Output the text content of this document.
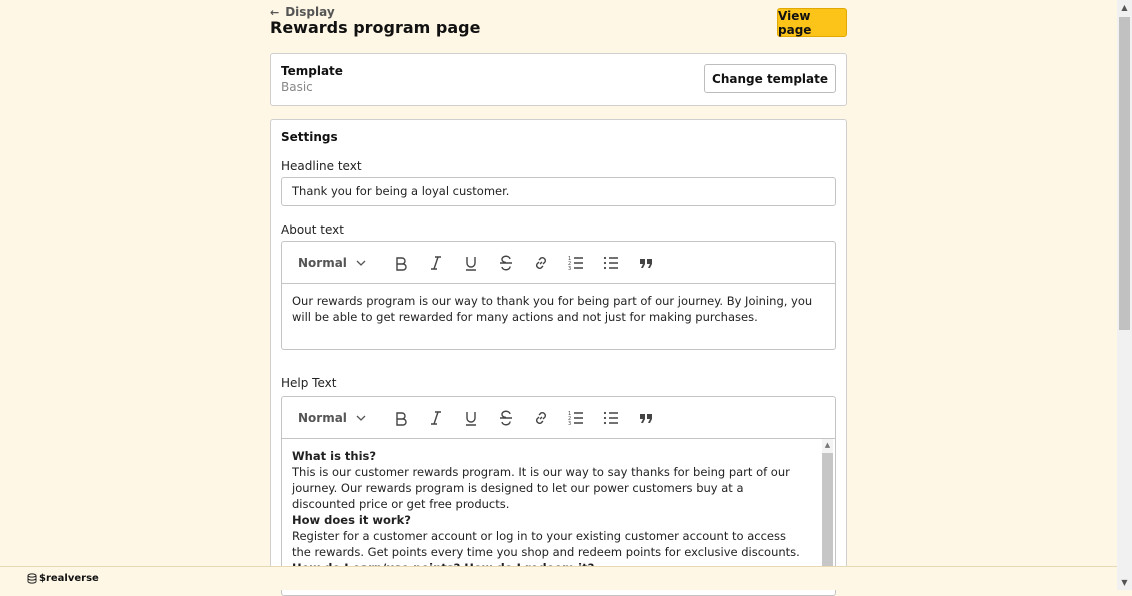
← Display
Rewards program page
View page
Template
Basic
Change template
Settings
Headline text
Thank you for being a loyal customer.
About text
Normal	1
2
3
Our rewards program is our way to thank you for being part of our journey. By Joining, you will be able to get rewarded for many actions and not just for making purchases.
Help Text
Normal	1
2
3
What is this?
This is our customer rewards program. It is our way to say thanks for being part of our journey. Our rewards program is designed to let our power customers buy at a discounted price or get free products.
How does it work?
Register for a customer account or log in to your existing customer account to access the rewards. Get points every time you shop and redeem points for exclusive discounts.
▲
▲
▼
$realverse
